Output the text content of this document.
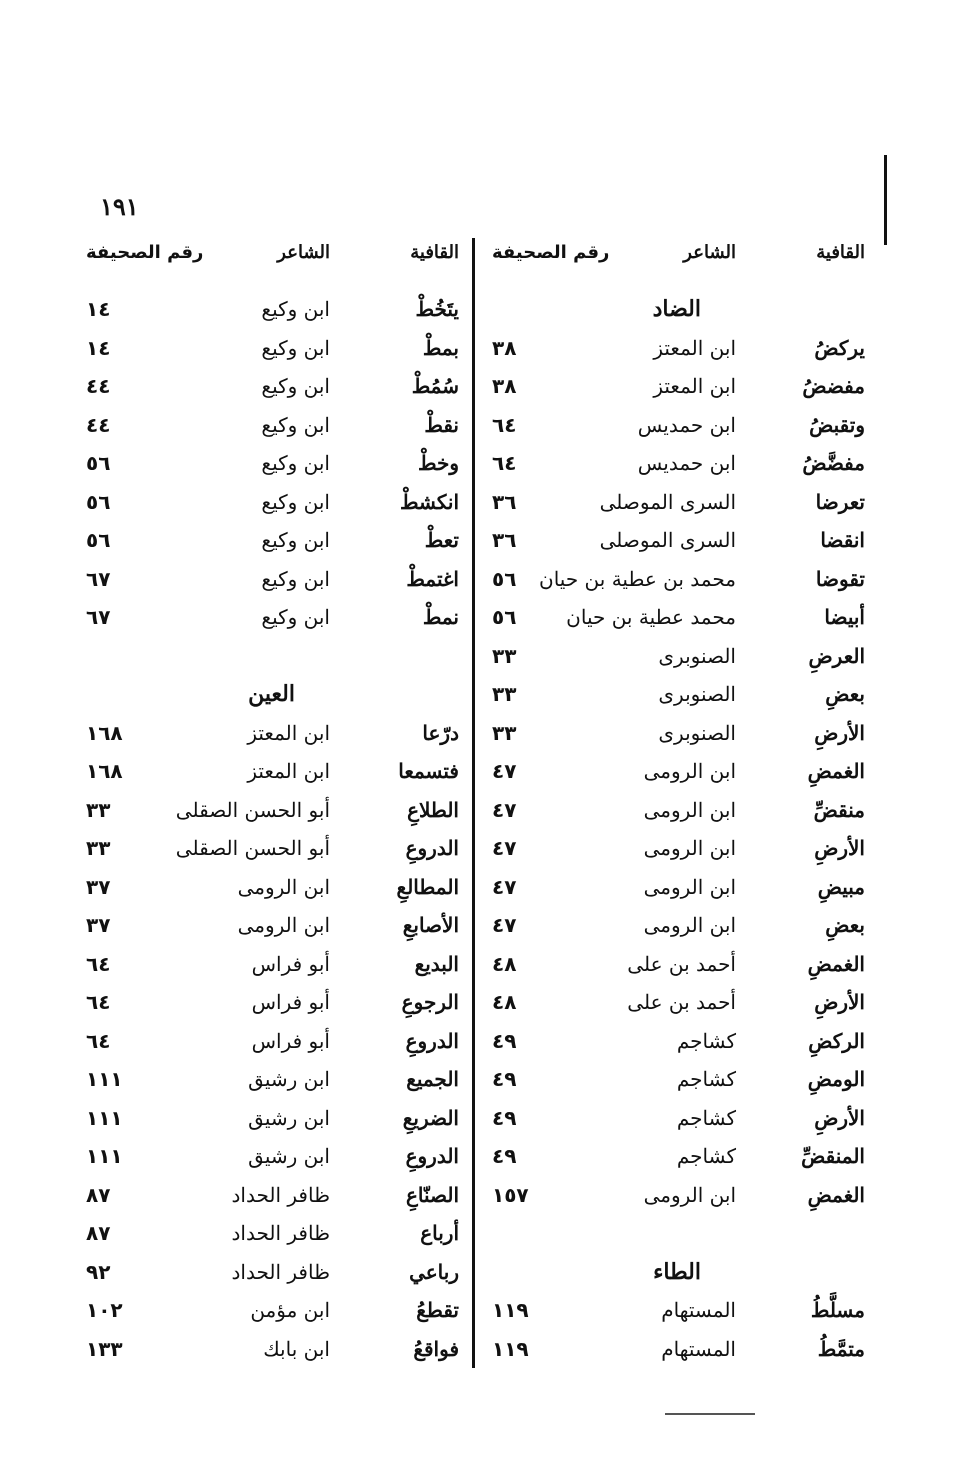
١٩١
القافية
الشاعر
رقم الصحيفة
الضاد
يركضُ
ابن المعتز
٣٨
مفضضُ
ابن المعتز
٣٨
وتقبضُ
ابن حمديس
٦٤
مفضَّضُ
ابن حمديس
٦٤
تعرضا
السرى الموصلى
٣٦
انقضا
السرى الموصلى
٣٦
تقوضا
محمد بن عطية بن حيان
٥٦
أبيضا
محمد عطية بن حيان
٥٦
العرضِ
الصنوبرى
٣٣
بعضِ
الصنوبرى
٣٣
الأرضِ
الصنوبرى
٣٣
الغمضِ
ابن الرومى
٤٧
منقضِّ
ابن الرومى
٤٧
الأرضِ
ابن الرومى
٤٧
مبيضِ
ابن الرومى
٤٧
بعضِ
ابن الرومى
٤٧
الغمضِ
أحمد بن على
٤٨
الأرضِ
أحمد بن على
٤٨
الركضِ
كشاجم
٤٩
الومضِ
كشاجم
٤٩
الأرضِ
كشاجم
٤٩
المنقضِّ
كشاجم
٤٩
الغمضِ
ابن الرومى
١٥٧
الطاء
مسلَّطُ
المستهام
١١٩
متمَّطُ
المستهام
١١٩
القافية
الشاعر
رقم الصحيفة
يتَخُطْ
ابن وكيع
١٤
بمطْ
ابن وكيع
١٤
سُمُطْ
ابن وكيع
٤٤
نقطْ
ابن وكيع
٤٤
وخطْ
ابن وكيع
٥٦
انكشطْ
ابن وكيع
٥٦
تعطْ
ابن وكيع
٥٦
اغتمطْ
ابن وكيع
٦٧
نمطْ
ابن وكيع
٦٧
العين
درّعا
ابن المعتز
١٦٨
فتسمعا
ابن المعتز
١٦٨
الطلاعِ
أبو الحسن الصقلى
٣٣
الدروعِ
أبو الحسن الصقلى
٣٣
المطالعِ
ابن الرومى
٣٧
الأصابعِ
ابن الرومى
٣٧
البديع
أبو فراس
٦٤
الرجوعِ
أبو فراس
٦٤
الدروعِ
أبو فراس
٦٤
الجميع
ابن رشيق
١١١
الضريعِ
ابن رشيق
١١١
الدروعِ
ابن رشيق
١١١
الصنّاعِ
ظافر الحداد
٨٧
أرباع
ظافر الحداد
٨٧
رباعي
ظافر الحداد
٩٢
تقطعُ
ابن مؤمن
١٠٢
فواقعُ
ابن بابك
١٣٣
